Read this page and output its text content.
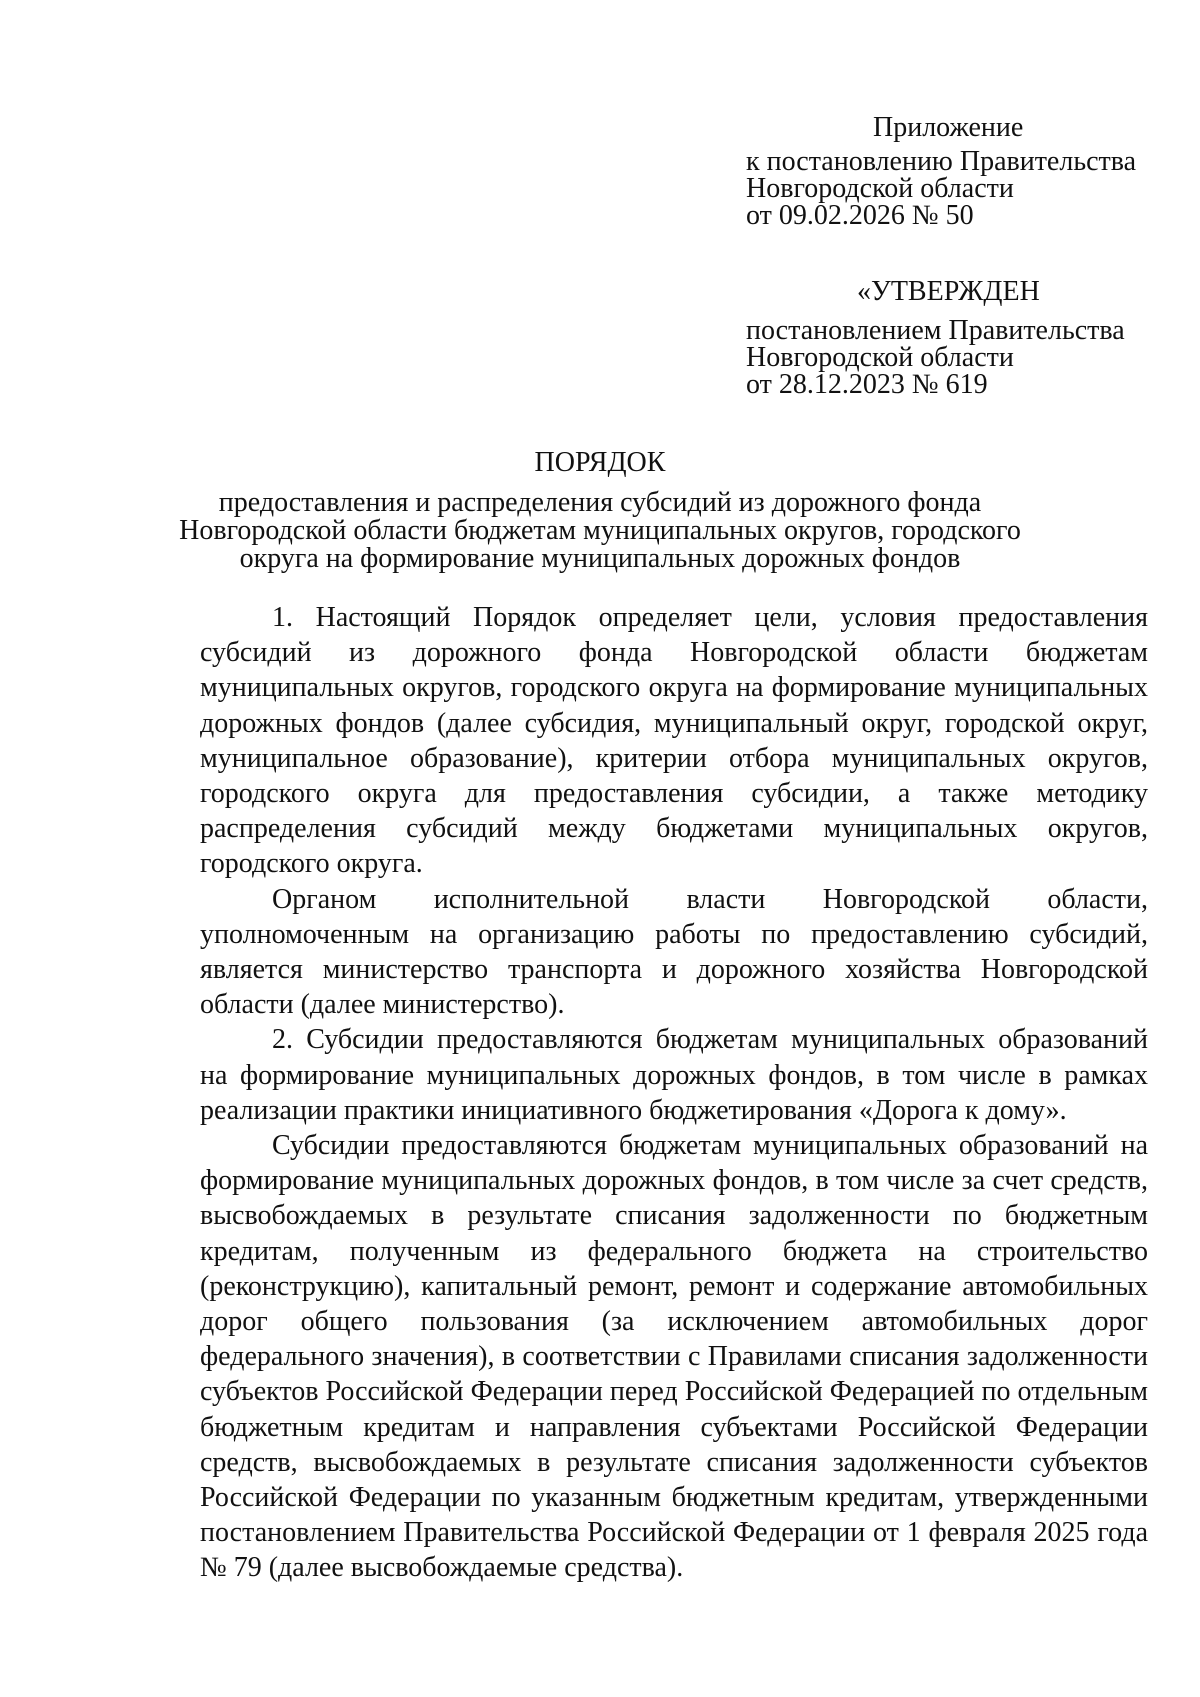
Приложение
к постановлению Правительства
Новгородской области
от 09.02.2026 № 50
«УТВЕРЖДЕН
постановлением Правительства
Новгородской области
от 28.12.2023 № 619
ПОРЯДОК
предоставления и распределения субсидий из дорожного фонда
Новгородской области бюджетам муниципальных округов, городского
округа на формирование муниципальных дорожных фондов

1. Настоящий Порядок определяет цели, условия предоставления субсидий из дорожного фонда Новгородской области бюджетам муниципальных округов, городского округа на формирование муниципальных дорожных фондов (далее субсидия, муниципальный округ, городской округ, муниципальное образование), критерии отбора муниципальных округов, городского округа для предоставления субсидии, а также методику распределения субсидий между бюджетами муниципальных округов, городского округа.

Органом исполнительной власти Новгородской области, уполномоченным на организацию работы по предоставлению субсидий, является министерство транспорта и дорожного хозяйства Новгородской области (далее министерство).

2. Субсидии предоставляются бюджетам муниципальных образований на формирование муниципальных дорожных фондов, в том числе в рамках реализации практики инициативного бюджетирования «Дорога к дому».

Субсидии предоставляются бюджетам муниципальных образований на формирование муниципальных дорожных фондов, в том числе за счет средств, высвобождаемых в результате списания задолженности по бюджетным кредитам, полученным из федерального бюджета на строительство (реконструкцию), капитальный ремонт, ремонт и содержание автомобильных дорог общего пользования (за исключением автомобильных дорог федерального значения), в соответствии с Правилами списания задолженности субъектов Российской Федерации перед Российской Федерацией по отдельным бюджетным кредитам и направления субъектами Российской Федерации средств, высвобождаемых в результате списания задолженности субъектов Российской Федерации по указанным бюджетным кредитам, утвержденными постановлением Правительства Российской Федерации от 1 февраля 2025 года № 79 (далее высвобождаемые средства).
